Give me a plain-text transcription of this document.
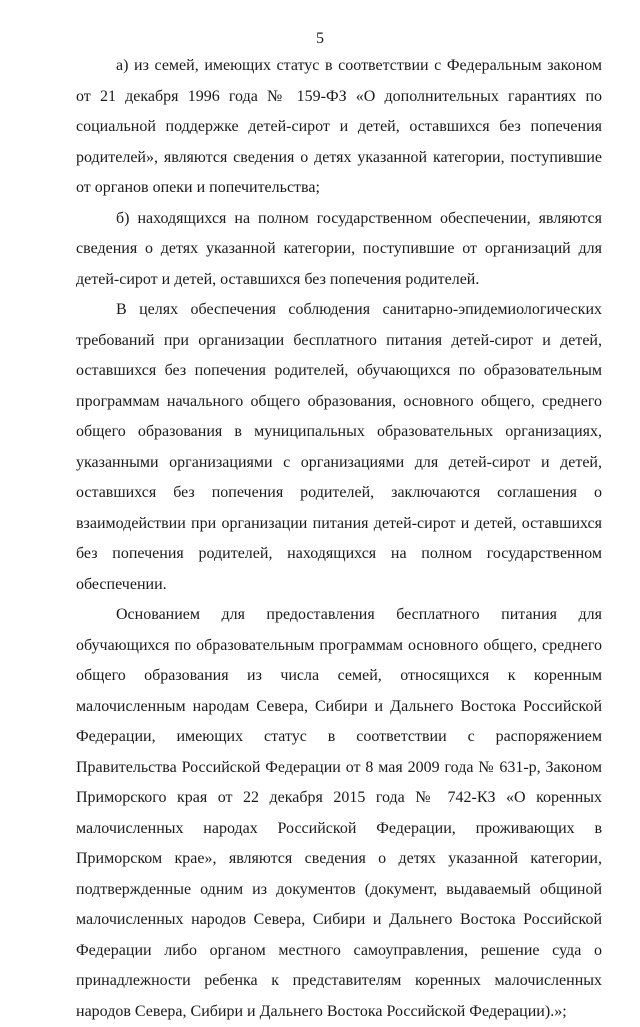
5

а) из семей, имеющих статус в соответствии с Федеральным законом от 21 декабря 1996 года № 159-ФЗ «О дополнительных гарантиях по социальной поддержке детей-сирот и детей, оставшихся без попечения родителей», являются сведения о детях указанной категории, поступившие от органов опеки и попечительства;

б) находящихся на полном государственном обеспечении, являются сведения о детях указанной категории, поступившие от организаций для детей-сирот и детей, оставшихся без попечения родителей.

В целях обеспечения соблюдения санитарно-эпидемиологических требований при организации бесплатного питания детей-сирот и детей, оставшихся без попечения родителей, обучающихся по образовательным программам начального общего образования, основного общего, среднего общего образования в муниципальных образовательных организациях, указанными организациями с организациями для детей-сирот и детей, оставшихся без попечения родителей, заключаются соглашения о взаимодействии при организации питания детей-сирот и детей, оставшихся без попечения родителей, находящихся на полном государственном обеспечении.

Основанием для предоставления бесплатного питания для обучающихся по образовательным программам основного общего, среднего общего образования из числа семей, относящихся к коренным малочисленным народам Севера, Сибири и Дальнего Востока Российской Федерации, имеющих статус в соответствии с распоряжением Правительства Российской Федерации от 8 мая 2009 года № 631-р, Законом Приморского края от 22 декабря 2015 года № 742-КЗ «О коренных малочисленных народах Российской Федерации, проживающих в Приморском крае», являются сведения о детях указанной категории, подтвержденные одним из документов (документ, выдаваемый общиной малочисленных народов Севера, Сибири и Дальнего Востока Российской Федерации либо органом местного самоуправления, решение суда о принадлежности ребенка к представителям коренных малочисленных народов Севера, Сибири и Дальнего Востока Российской Федерации).»;
